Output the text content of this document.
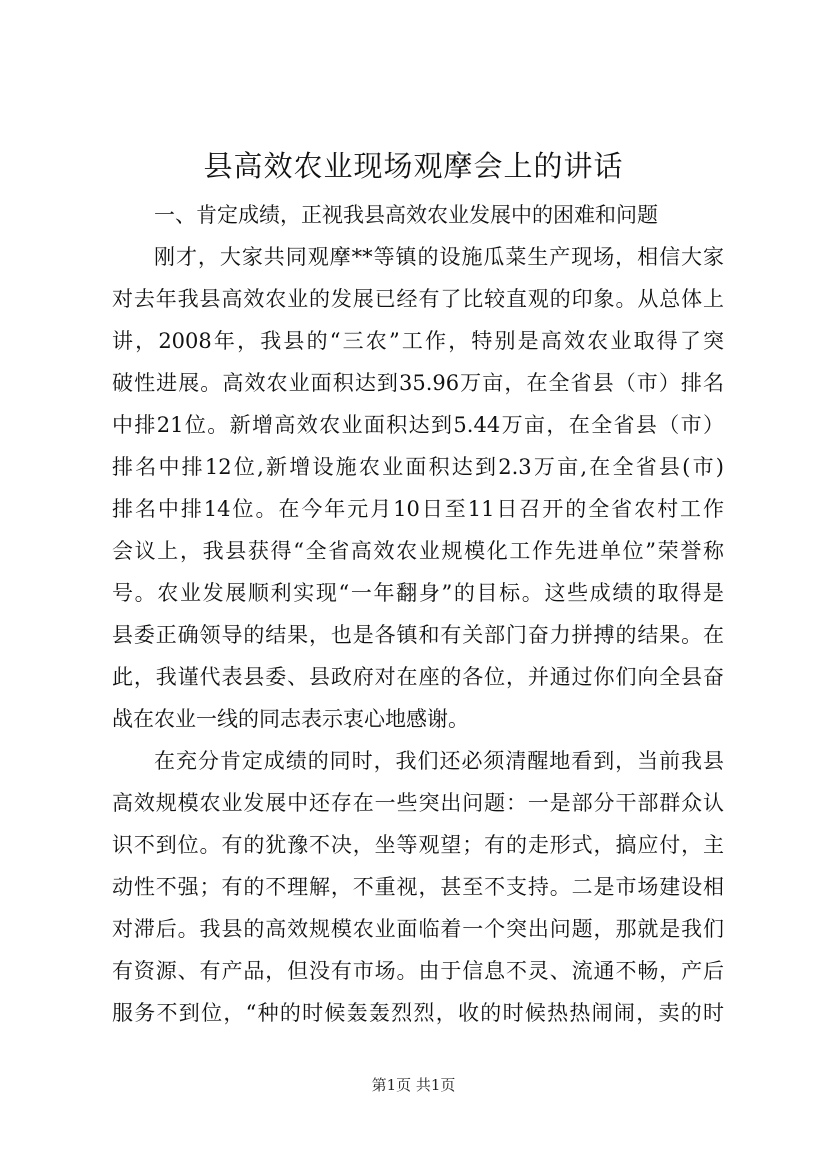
县高效农业现场观摩会上的讲话
一、肯定成绩，正视我县高效农业发展中的困难和问题
刚才，大家共同观摩**等镇的设施瓜菜生产现场，相信大家
对去年我县高效农业的发展已经有了比较直观的印象。从总体上
讲，2008年，我县的“三农”工作，特别是高效农业取得了突
破性进展。高效农业面积达到35.96万亩，在全省县（市）排名
中排21位。新增高效农业面积达到5.44万亩，在全省县（市）
排名中排12位,新增设施农业面积达到2.3万亩,在全省县(市)
排名中排14位。在今年元月10日至11日召开的全省农村工作
会议上，我县获得“全省高效农业规模化工作先进单位”荣誉称
号。农业发展顺利实现“一年翻身”的目标。这些成绩的取得是
县委正确领导的结果，也是各镇和有关部门奋力拼搏的结果。在
此，我谨代表县委、县政府对在座的各位，并通过你们向全县奋
战在农业一线的同志表示衷心地感谢。
在充分肯定成绩的同时，我们还必须清醒地看到，当前我县
高效规模农业发展中还存在一些突出问题：一是部分干部群众认
识不到位。有的犹豫不决，坐等观望；有的走形式，搞应付，主
动性不强；有的不理解，不重视，甚至不支持。二是市场建设相
对滞后。我县的高效规模农业面临着一个突出问题，那就是我们
有资源、有产品，但没有市场。由于信息不灵、流通不畅，产后
服务不到位，“种的时候轰轰烈烈，收的时候热热闹闹，卖的时
第1页 共1页
